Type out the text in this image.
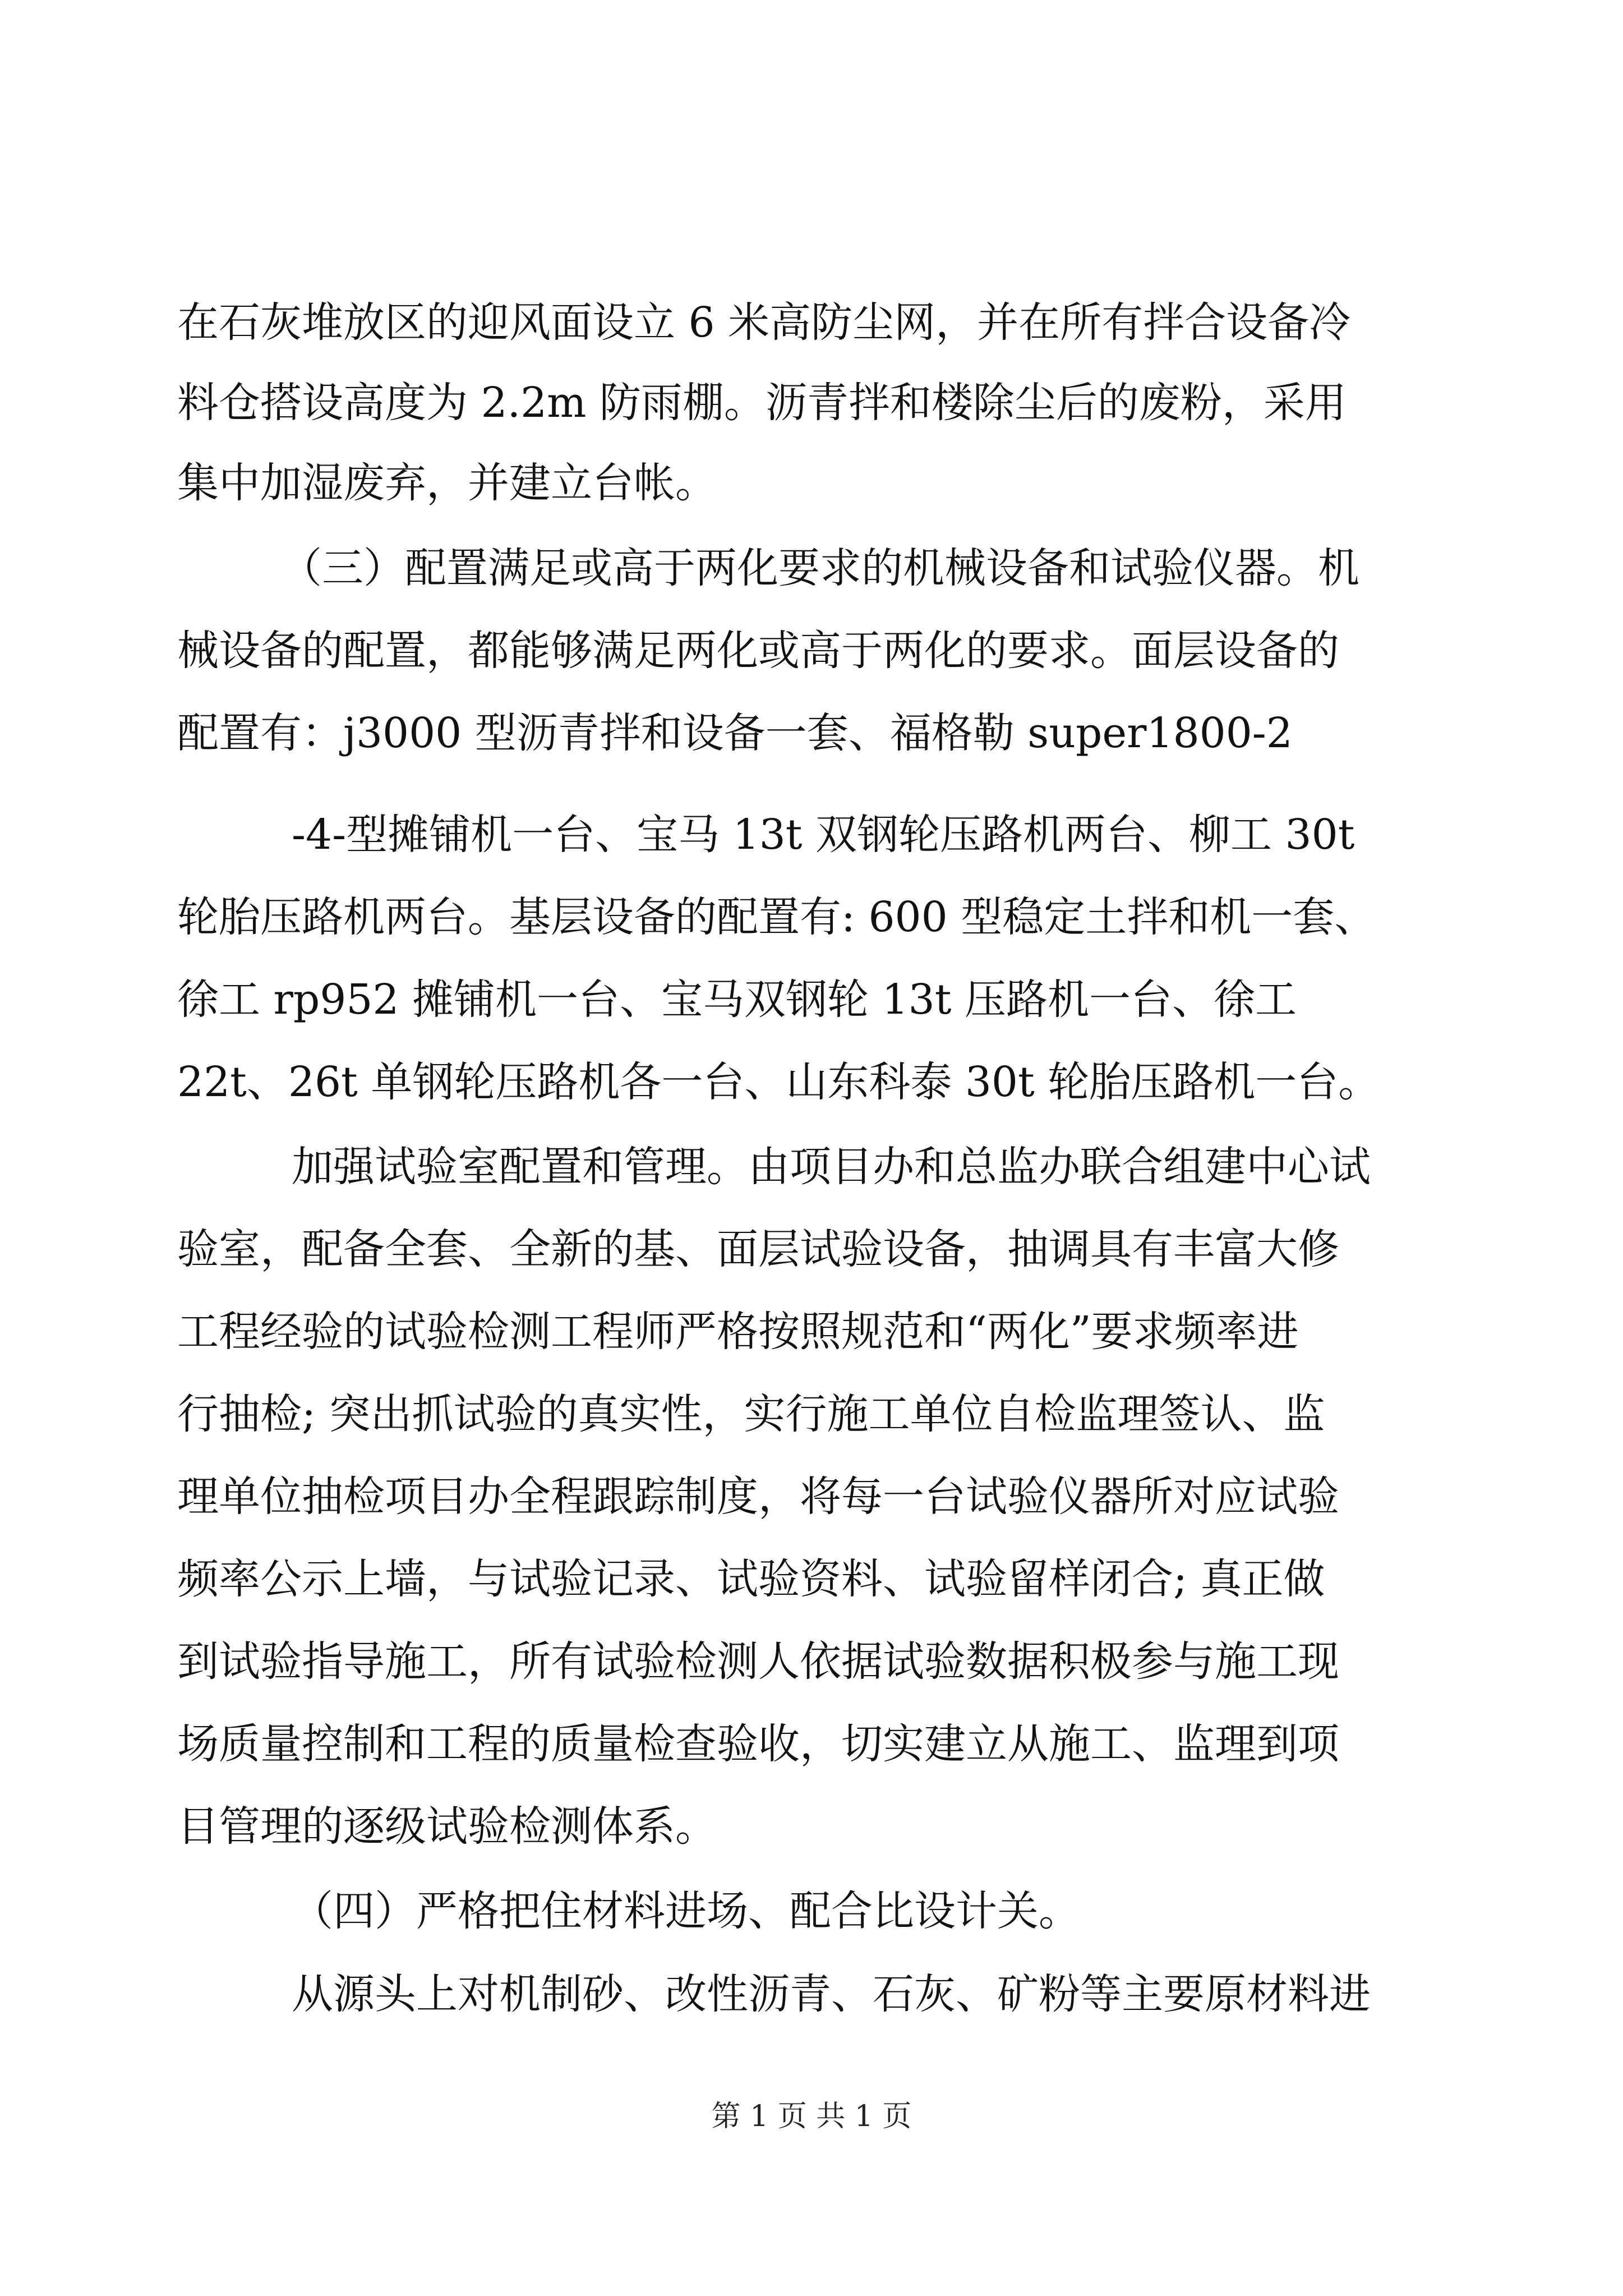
在石灰堆放区的迎风面设立 6 米高防尘网，并在所有拌合设备冷
料仓搭设高度为 2.2m 防雨棚。沥青拌和楼除尘后的废粉，采用
集中加湿废弃，并建立台帐。
（三）配置满足或高于两化要求的机械设备和试验仪器。机
械设备的配置，都能够满足两化或高于两化的要求。面层设备的
配置有：j3000 型沥青拌和设备一套、福格勒 super1800-2
-4-型摊铺机一台、宝马 13t 双钢轮压路机两台、柳工 30t
轮胎压路机两台。基层设备的配置有: 600 型稳定土拌和机一套、
徐工 rp952 摊铺机一台、宝马双钢轮 13t 压路机一台、徐工
22t、26t 单钢轮压路机各一台、山东科泰 30t 轮胎压路机一台。
加强试验室配置和管理。由项目办和总监办联合组建中心试
验室，配备全套、全新的基、面层试验设备，抽调具有丰富大修
工程经验的试验检测工程师严格按照规范和“两化”要求频率进
行抽检; 突出抓试验的真实性，实行施工单位自检监理签认、监
理单位抽检项目办全程跟踪制度，将每一台试验仪器所对应试验
频率公示上墙，与试验记录、试验资料、试验留样闭合; 真正做
到试验指导施工，所有试验检测人依据试验数据积极参与施工现
场质量控制和工程的质量检查验收，切实建立从施工、监理到项
目管理的逐级试验检测体系。
（四）严格把住材料进场、配合比设计关。
从源头上对机制砂、改性沥青、石灰、矿粉等主要原材料进
第 1 页 共 1 页
